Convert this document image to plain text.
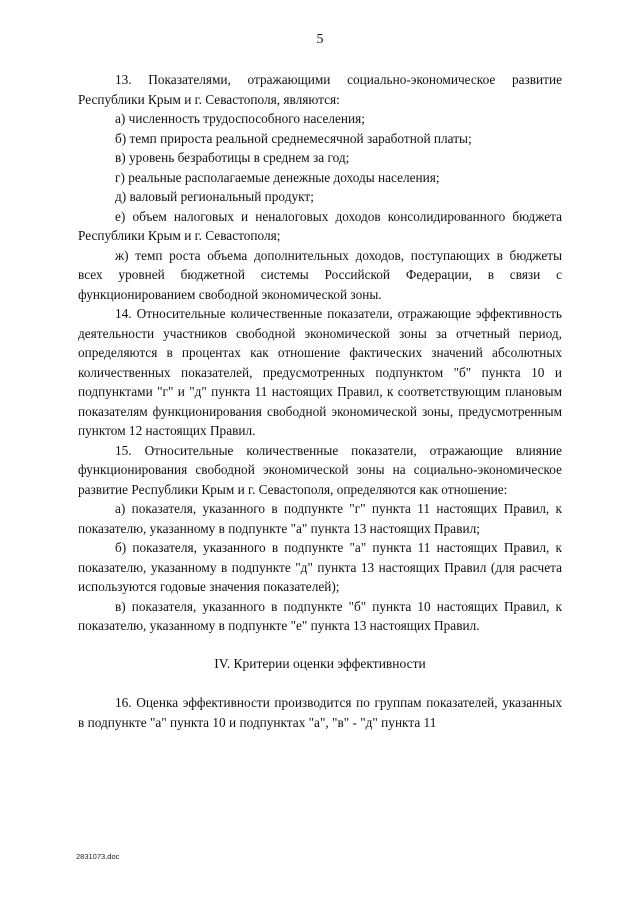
5

13. Показателями, отражающими социально-экономическое развитие Республики Крым и г. Севастополя, являются:

а) численность трудоспособного населения;

б) темп прироста реальной среднемесячной заработной платы;

в) уровень безработицы в среднем за год;

г) реальные располагаемые денежные доходы населения;

д) валовый региональный продукт;

е) объем налоговых и неналоговых доходов консолидированного бюджета Республики Крым и г. Севастополя;

ж) темп роста объема дополнительных доходов, поступающих в бюджеты всех уровней бюджетной системы Российской Федерации, в связи с функционированием свободной экономической зоны.

14. Относительные количественные показатели, отражающие эффективность деятельности участников свободной экономической зоны за отчетный период, определяются в процентах как отношение фактических значений абсолютных количественных показателей, предусмотренных подпунктом "б" пункта 10 и подпунктами "г" и "д" пункта 11 настоящих Правил, к соответствующим плановым показателям функционирования свободной экономической зоны, предусмотренным пунктом 12 настоящих Правил.

15. Относительные количественные показатели, отражающие влияние функционирования свободной экономической зоны на социально-экономическое развитие Республики Крым и г. Севастополя, определяются как отношение:

а) показателя, указанного в подпункте "г" пункта 11 настоящих Правил, к показателю, указанному в подпункте "а" пункта 13 настоящих Правил;

б) показателя, указанного в подпункте "а" пункта 11 настоящих Правил, к показателю, указанному в подпункте "д" пункта 13 настоящих Правил (для расчета используются годовые значения показателей);

в) показателя, указанного в подпункте "б" пункта 10 настоящих Правил, к показателю, указанному в подпункте "е" пункта 13 настоящих Правил.

IV. Критерии оценки эффективности

16. Оценка эффективности производится по группам показателей, указанных в подпункте "а" пункта 10 и подпунктах "а", "в" - "д" пункта 11

2831073.doc
